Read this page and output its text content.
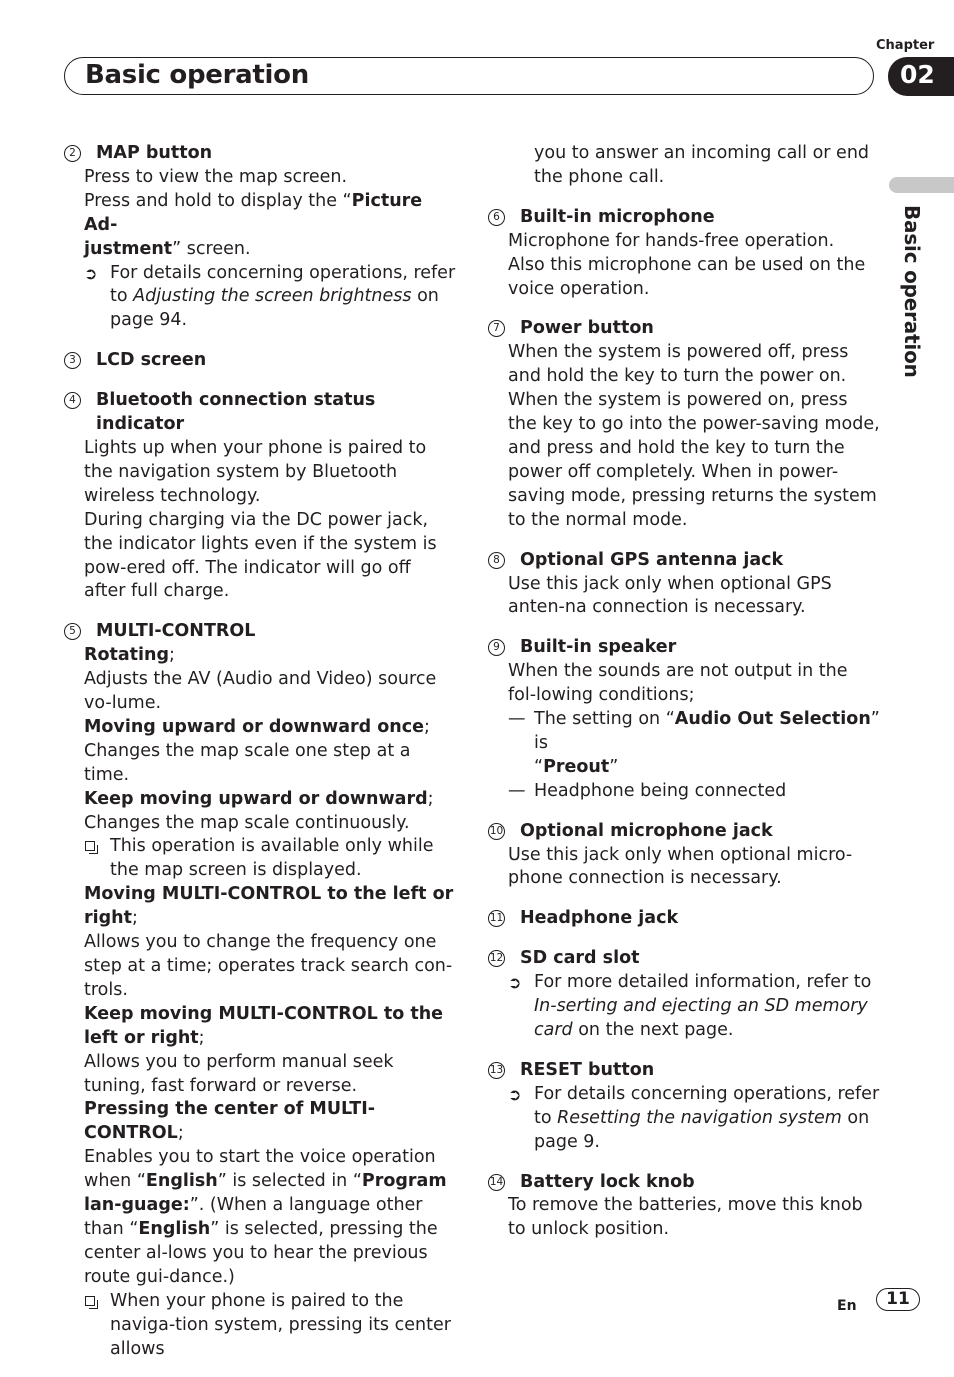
Chapter
Basic operation	02
Basic operation
2 MAP button
Press to view the map screen.
Press and hold to display the “Picture Ad-
justment” screen.
➲ For details concerning operations, refer
to Adjusting the screen brightness on
page 94.
3 LCD screen
4 Bluetooth connection status indicator
Lights up when your phone is paired to the navigation system by Bluetooth wireless technology.
During charging via the DC power jack, the indicator lights even if the system is pow-ered off. The indicator will go off after full charge.
5 MULTI-CONTROL
Rotating;
Adjusts the AV (Audio and Video) source vo-lume.
Moving upward or downward once;
Changes the map scale one step at a time.
Keep moving upward or downward;
Changes the map scale continuously.
This operation is available only while the map screen is displayed.
Moving MULTI-CONTROL to the left or right;
Allows you to change the frequency one step at a time; operates track search con-trols.
Keep moving MULTI-CONTROL to the left or right;
Allows you to perform manual seek tuning, fast forward or reverse.
Pressing the center of MULTI-CONTROL;
Enables you to start the voice operation when “English” is selected in “Program lan-guage:”. (When a language other than “English” is selected, pressing the center al-lows you to hear the previous route gui-dance.)
When your phone is paired to the naviga-tion system, pressing its center allows
you to answer an incoming call or end the phone call.
6 Built-in microphone
Microphone for hands-free operation.
Also this microphone can be used on the voice operation.
7 Power button
When the system is powered off, press and hold the key to turn the power on.
When the system is powered on, press the key to go into the power-saving mode, and press and hold the key to turn the power off completely. When in power-saving mode, pressing returns the system to the normal mode.
8 Optional GPS antenna jack
Use this jack only when optional GPS anten-na connection is necessary.
9 Built-in speaker
When the sounds are not output in the fol-lowing conditions;
— The setting on “Audio Out Selection” is
“Preout”
— Headphone being connected
10 Optional microphone jack
Use this jack only when optional micro-phone connection is necessary.
11 Headphone jack
12 SD card slot
➲ For more detailed information, refer to In-serting and ejecting an SD memory card on the next page.
13 RESET button
➲ For details concerning operations, refer to Resetting the navigation system on page 9.
14 Battery lock knob
To remove the batteries, move this knob to unlock position.
En	11
